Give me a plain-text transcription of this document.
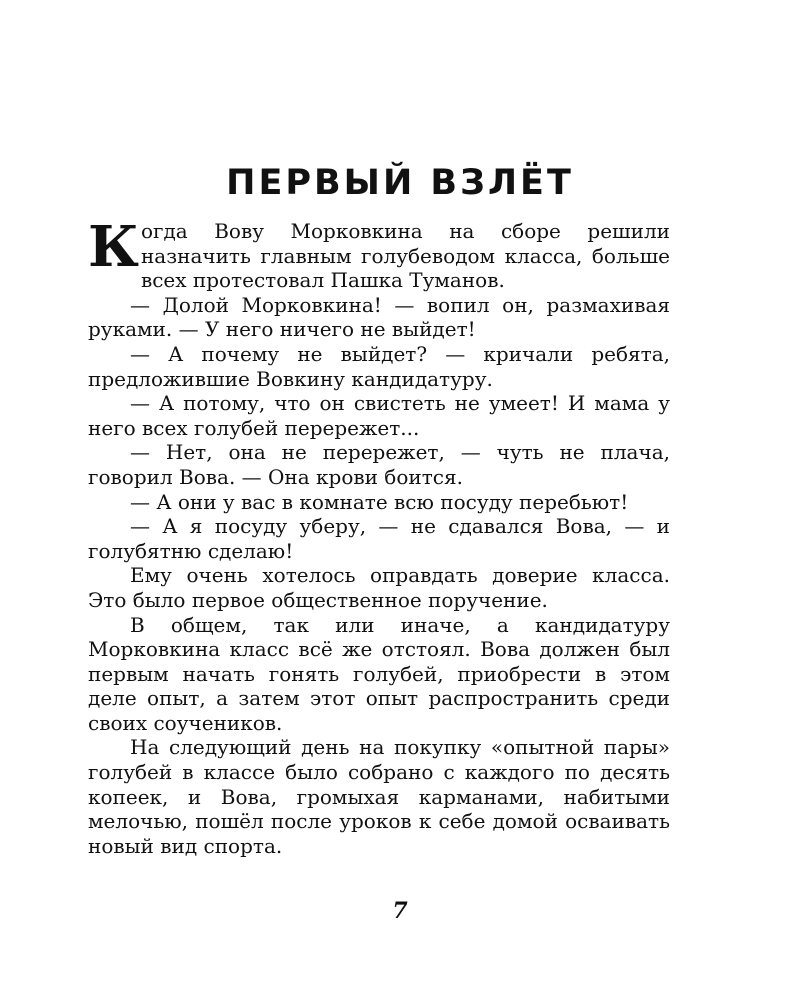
ПЕРВЫЙ ВЗЛЁТ

Когда Вову Морковкина на сборе решили назначить главным голубеводом класса, больше всех протестовал Пашка Туманов.

— Долой Морковкина! — вопил он, размахивая руками. — У него ничего не выйдет!

— А почему не выйдет? — кричали ребята, предложившие Вовкину кандидатуру.

— А потому, что он свистеть не умеет! И мама у него всех голубей перережет...

— Нет, она не перережет, — чуть не плача, говорил Вова. — Она крови боится.

— А они у вас в комнате всю посуду перебьют!

— А я посуду уберу, — не сдавался Вова, — и голубятню сделаю!

Ему очень хотелось оправдать доверие класса. Это было первое общественное поручение.

В общем, так или иначе, а кандидатуру Морковкина класс всё же отстоял. Вова должен был первым начать гонять голубей, приобрести в этом деле опыт, а затем этот опыт распространить среди своих соучеников.

На следующий день на покупку «опытной пары» голубей в классе было собрано с каждого по десять копеек, и Вова, громыхая карманами, набитыми мелочью, пошёл после уроков к себе домой осваивать новый вид спорта.

7
